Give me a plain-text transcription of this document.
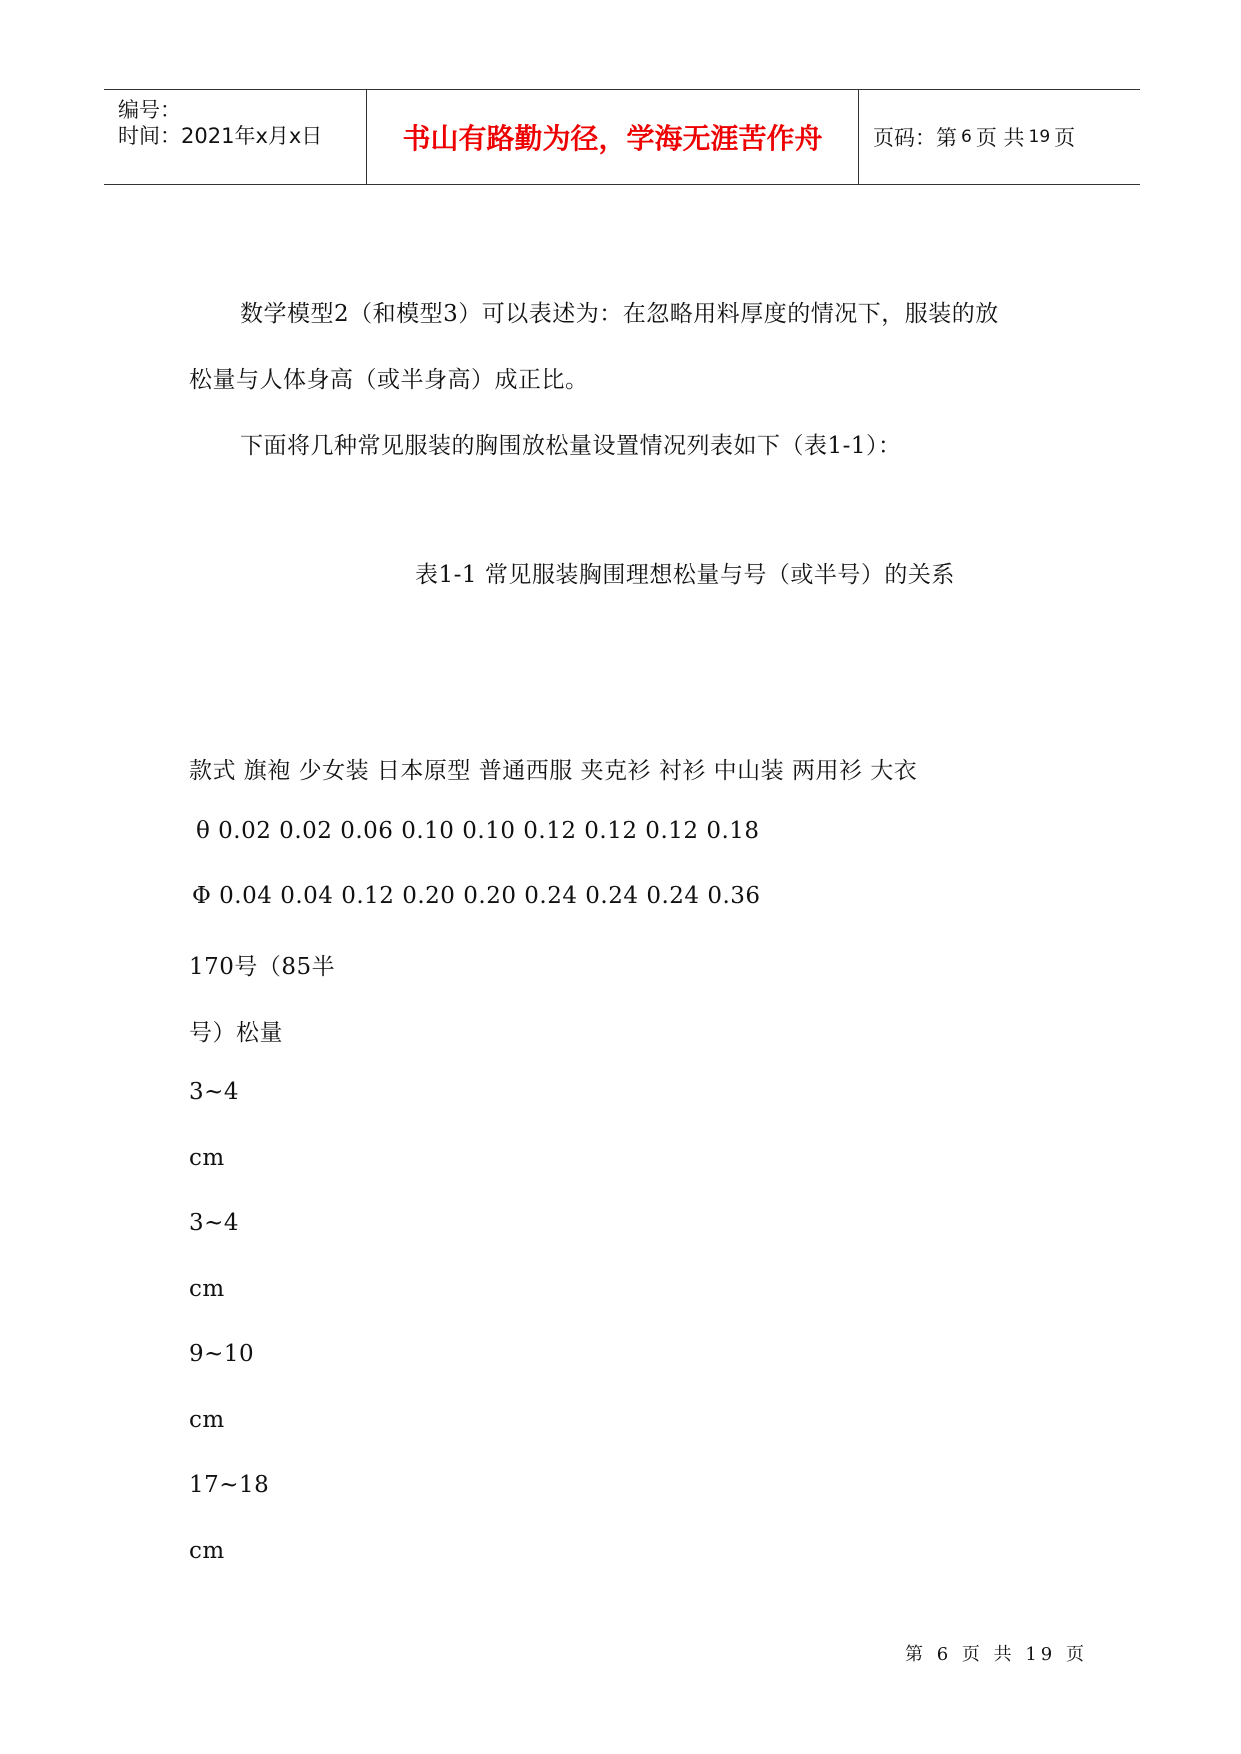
编号：
时间：2021年x月x日	书山有路勤为径，学海无涯苦作舟	页码：第 6 页 共 19 页
数学模型2（和模型3）可以表述为：在忽略用料厚度的情况下，服装的放
松量与人体身高（或半身高）成正比。
下面将几种常见服装的胸围放松量设置情况列表如下（表1-1）：
表1-1 常见服装胸围理想松量与号（或半号）的关系
款式 旗袍 少女装 日本原型 普通西服 夹克衫 衬衫 中山装 两用衫 大衣
θ 0.02 0.02 0.06 0.10 0.10 0.12 0.12 0.12 0.18
Φ 0.04 0.04 0.12 0.20 0.20 0.24 0.24 0.24 0.36
170号（85半
号）松量
3~4
cm
3~4
cm
9~10
cm
17~18
cm
第 6 页 共 19 页
